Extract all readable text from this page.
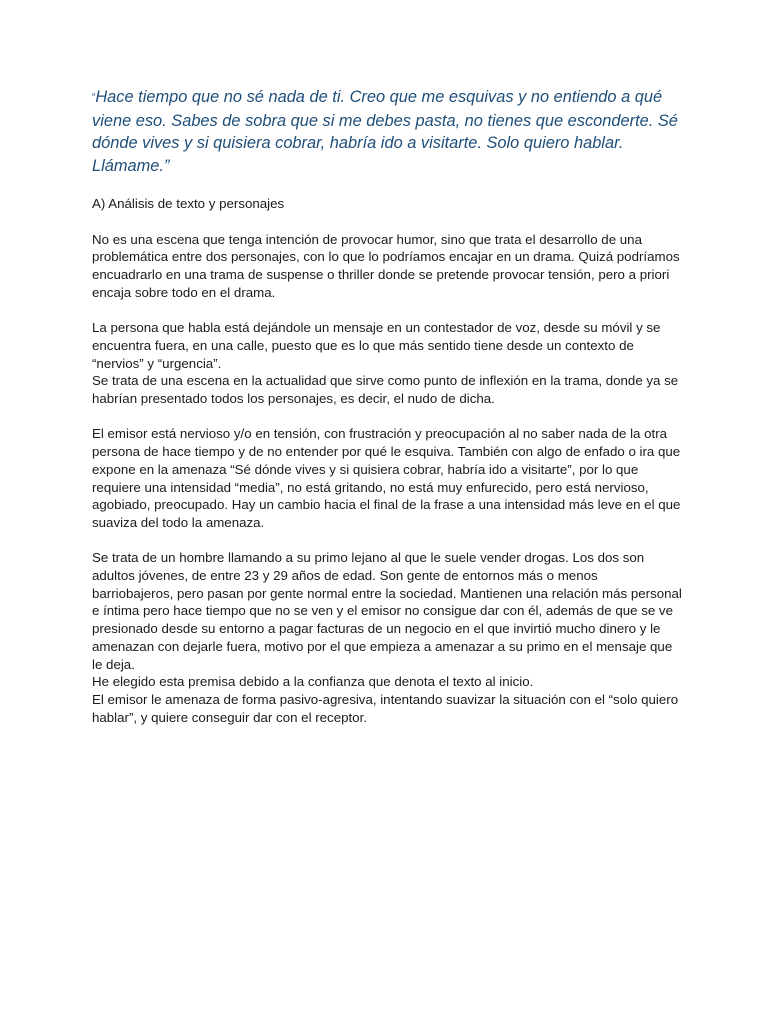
“Hace tiempo que no sé nada de ti. Creo que me esquivas y no entiendo a qué viene eso. Sabes de sobra que si me debes pasta, no tienes que esconderte. Sé dónde vives y si quisiera cobrar, habría ido a visitarte. Solo quiero hablar. Llámame.”

A) Análisis de texto y personajes

No es una escena que tenga intención de provocar humor, sino que trata el desarrollo de una problemática entre dos personajes, con lo que lo podríamos encajar en un drama. Quizá podríamos encuadrarlo en una trama de suspense o thriller donde se pretende provocar tensión, pero a priori encaja sobre todo en el drama.

La persona que habla está dejándole un mensaje en un contestador de voz, desde su móvil y se encuentra fuera, en una calle, puesto que es lo que más sentido tiene desde un contexto de “nervios” y “urgencia”.
Se trata de una escena en la actualidad que sirve como punto de inflexión en la trama, donde ya se habrían presentado todos los personajes, es decir, el nudo de dicha.

El emisor está nervioso y/o en tensión, con frustración y preocupación al no saber nada de la otra persona de hace tiempo y de no entender por qué le esquiva. También con algo de enfado o ira que expone en la amenaza “Sé dónde vives y si quisiera cobrar, habría ido a visitarte”, por lo que requiere una intensidad “media”, no está gritando, no está muy enfurecido, pero está nervioso, agobiado, preocupado. Hay un cambio hacia el final de la frase a una intensidad más leve en el que suaviza del todo la amenaza.

Se trata de un hombre llamando a su primo lejano al que le suele vender drogas. Los dos son adultos jóvenes, de entre 23 y 29 años de edad. Son gente de entornos más o menos barriobajeros, pero pasan por gente normal entre la sociedad. Mantienen una relación más personal e íntima pero hace tiempo que no se ven y el emisor no consigue dar con él, además de que se ve presionado desde su entorno a pagar facturas de un negocio en el que invirtió mucho dinero y le amenazan con dejarle fuera, motivo por el que empieza a amenazar a su primo en el mensaje que le deja.
He elegido esta premisa debido a la confianza que denota el texto al inicio.
El emisor le amenaza de forma pasivo-agresiva, intentando suavizar la situación con el “solo quiero hablar”, y quiere conseguir dar con el receptor.
